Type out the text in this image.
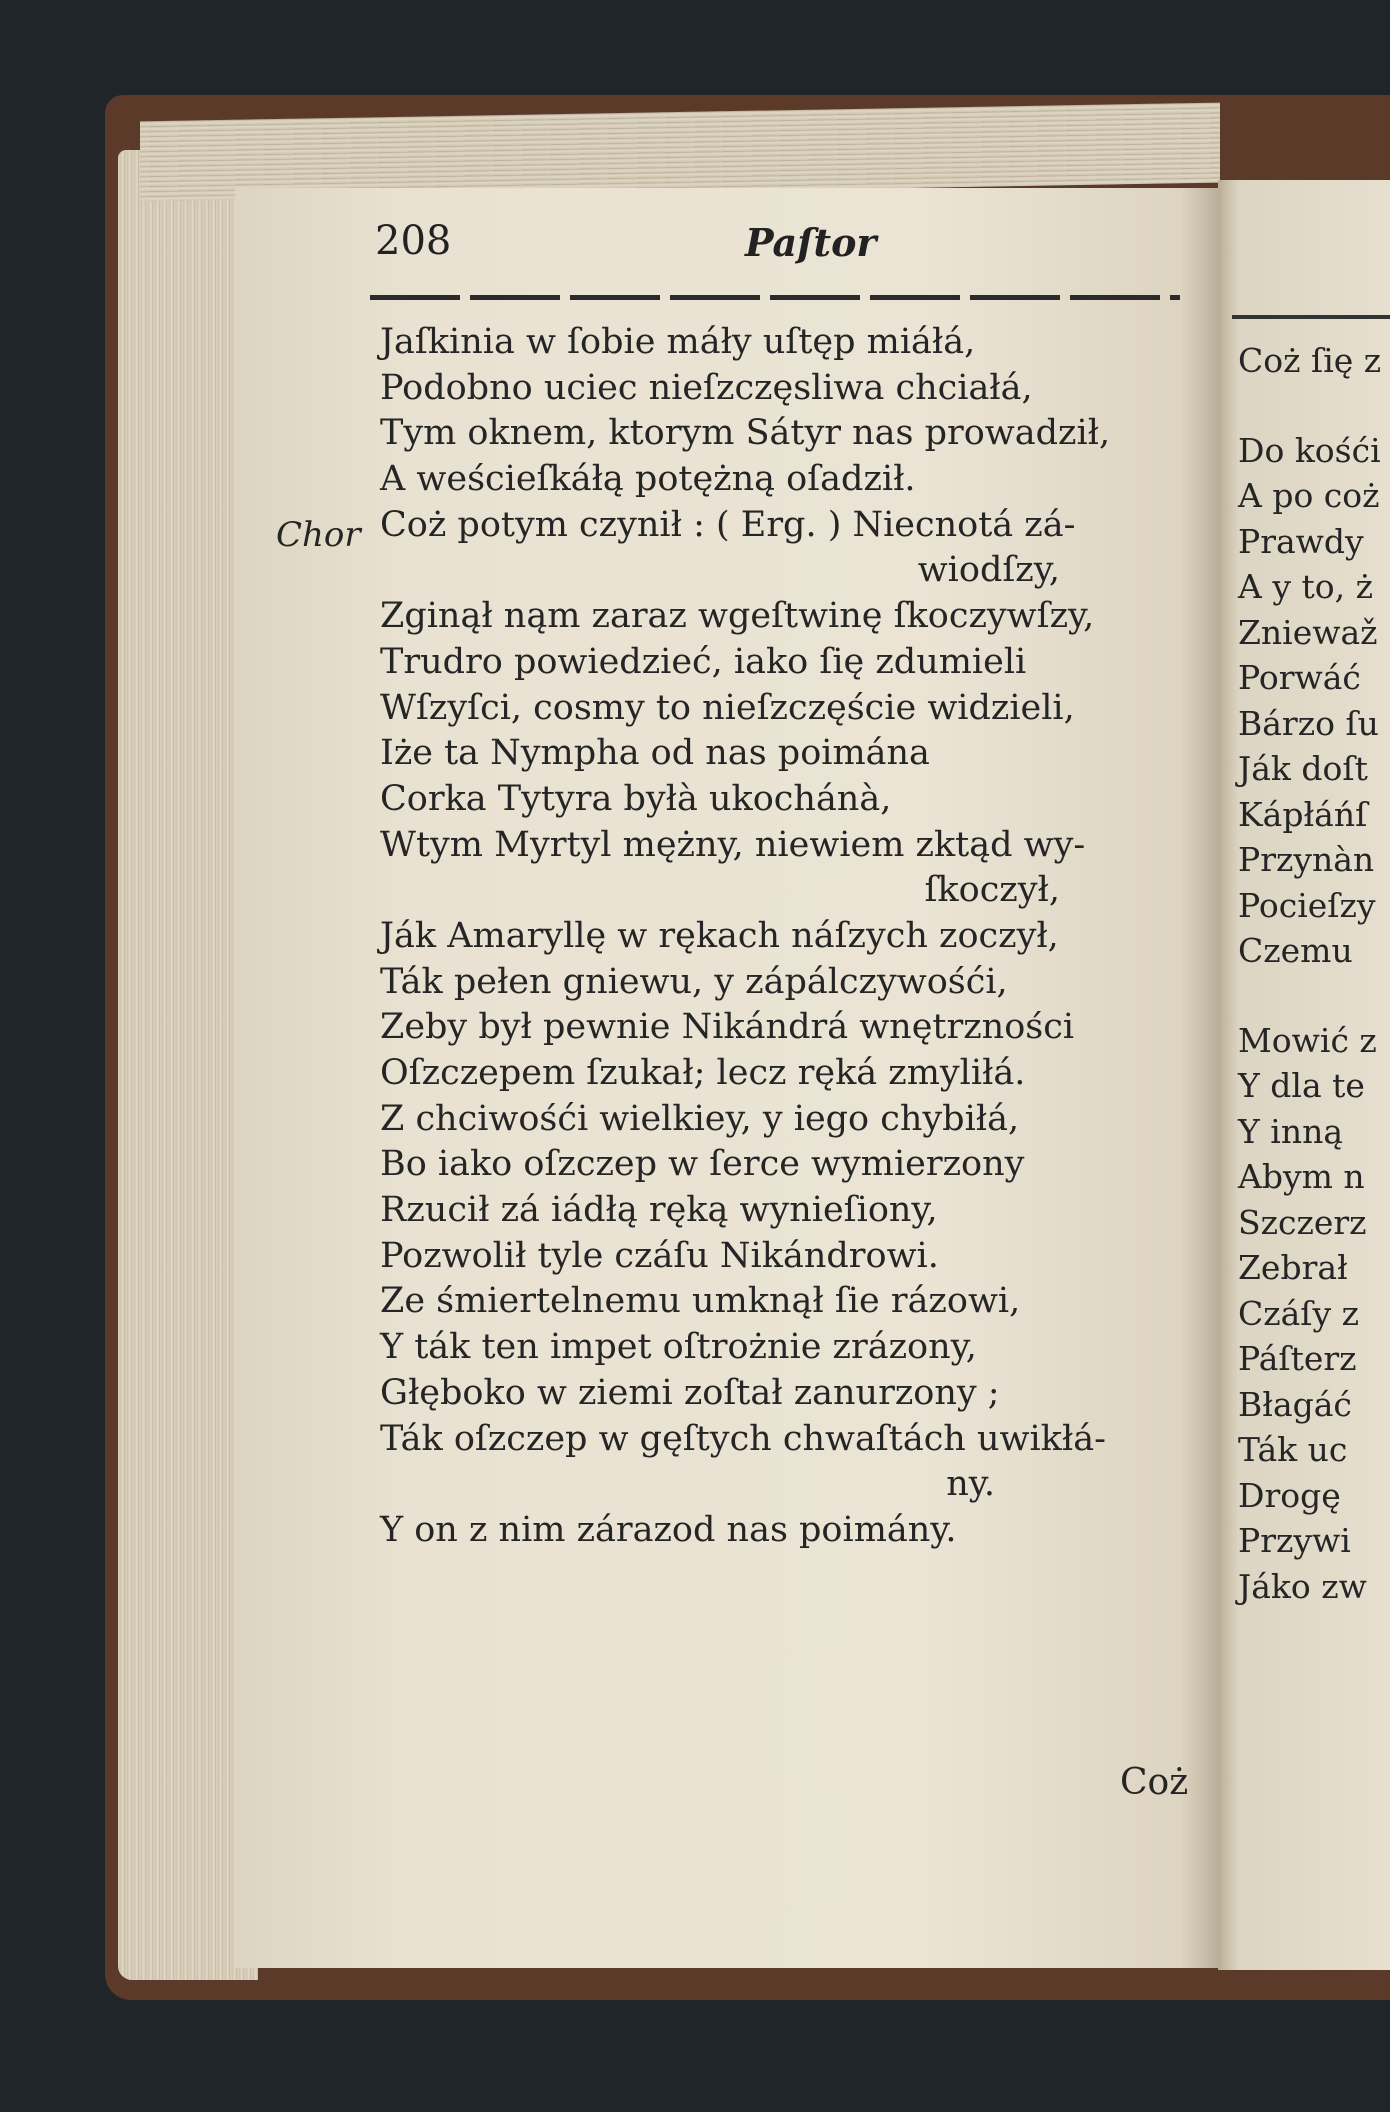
208	Paſtor
Chor
Jaſkinia w ſobie máły uſtęp miáłá,
Podobno uciec nieſzczęsliwa chciałá,
Tym oknem, ktorym Sátyr nas prowadził,
A weścieſkáłą potężną oſadził.
Coż potym czynił : ( Erg. ) Niecnotá zá-
wiodſzy,
Zginął nąm zaraz wgeſtwinę ſkoczywſzy,
Trudro powiedzieć, iako ſię zdumieli
Wſzyſci, cosmy to nieſzczęście widzieli,
Iże ta Nympha od nas poimána
Corka Tytyra byłà ukochánà,
Wtym Myrtyl mężny, niewiem zktąd wy-
ſkoczył,
Ják Amaryllę w rękach náſzych zoczył,
Ták pełen gniewu, y zápálczywośći,
Zeby był pewnie Nikándrá wnętrzności
Oſzczepem ſzukał; lecz ręká zmyliłá.
Z chciwośći wielkiey, y iego chybiłá,
Bo iako oſzczep w ſerce wymierzony
Rzucił zá iádłą ręką wynieſiony,
Pozwolił tyle czáſu Nikándrowi.
Ze śmiertelnemu umknął ſie rázowi,
Y ták ten impet oſtrożnie zrázony,
Głęboko w ziemi zoſtał zanurzony ;
Ták oſzczep w gęſtych chwaſtách uwikłá-
ny.
Y on z nim zárazod nas poimány.
Coż
Coż ſię z
Do kośći
A po coż
Prawdy
A y to, ż
Zniewaž
Porwáć
Bárzo ſu
Ják doſt
Kápłáńſ
Przynàn
Pocieſzy
Czemu
Mowić z
Y dla te
Y inną
Abym n
Szczerz
Zebrał
Czáſy z
Páſterz
Błagáć
Ták uc
Drogę
Przywi
Jáko zw
